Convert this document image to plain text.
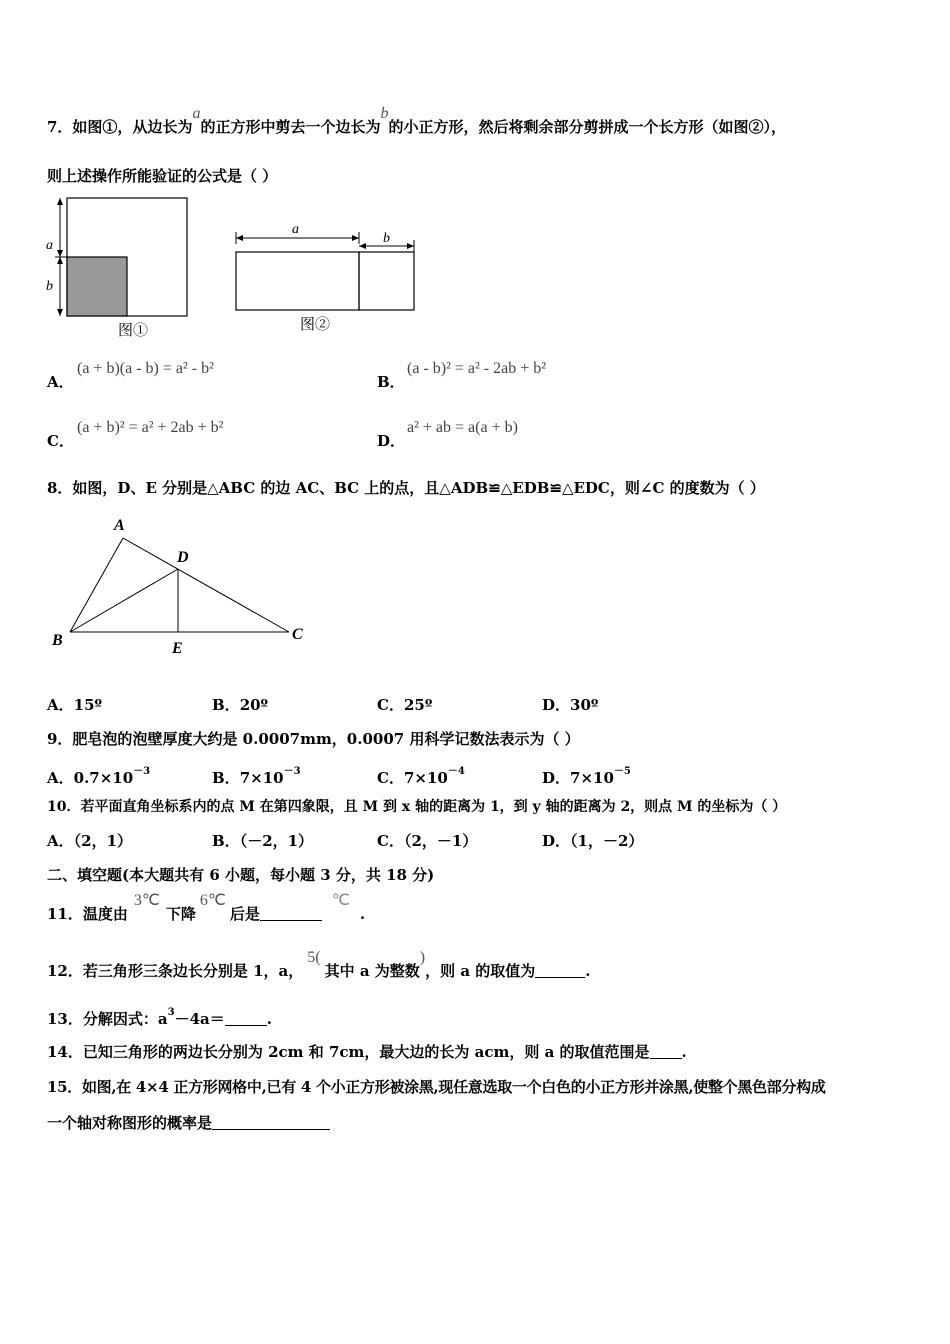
7．如图①，从边长为a的正方形中剪去一个边长为b的小正方形，然后将剩余部分剪拼成一个长方形（如图②），
则上述操作所能验证的公式是（ ）
a
b
图①
a
b
图②
A．
(a + b)(a - b) = a² - b²
B．
(a - b)² = a² - 2ab + b²
C．
(a + b)² = a² + 2ab + b²
D．
a² + ab = a(a + b)
8．如图，D、E 分别是△ABC 的边 AC、BC 上的点，且△ADB≌△EDB≌△EDC，则∠C 的度数为（ ）
A
B	C
D
E
A．15º	B．20º	C．25º	D．30º
9．肥皂泡的泡壁厚度大约是 0.0007mm，0.0007 用科学记数法表示为（ ）
A．$0.7\times 10^{-3}$	B．$7\times 10^{-3}$	C．$7\times 10^{-4}$	D．$7\times 10^{-5}$
10．若平面直角坐标系内的点 M 在第四象限，且 M 到 x 轴的距离为 1，到 y 轴的距离为 2，则点 M 的坐标为（ ）
A．（2，1）	B．（－2，1）	C．（2，－1）	D．（1，－2）
二、填空题(本大题共有 6 小题，每小题 3 分，共 18 分)
11．温度由3℃下降6℃后是℃.
12．若三角形三条边长分别是 1，a，5(其中 a 为整数)，则 a 的取值为	.
13．分解因式：$a^3-4a=$	.
14．已知三角形的两边长分别为 2cm 和 7cm，最大边的长为 acm，则 a 的取值范围是 .
15．如图,在 4×4 正方形网格中,已有 4 个小正方形被涂黑,现任意选取一个白色的小正方形并涂黑,使整个黑色部分构成
一个轴对称图形的概率是
